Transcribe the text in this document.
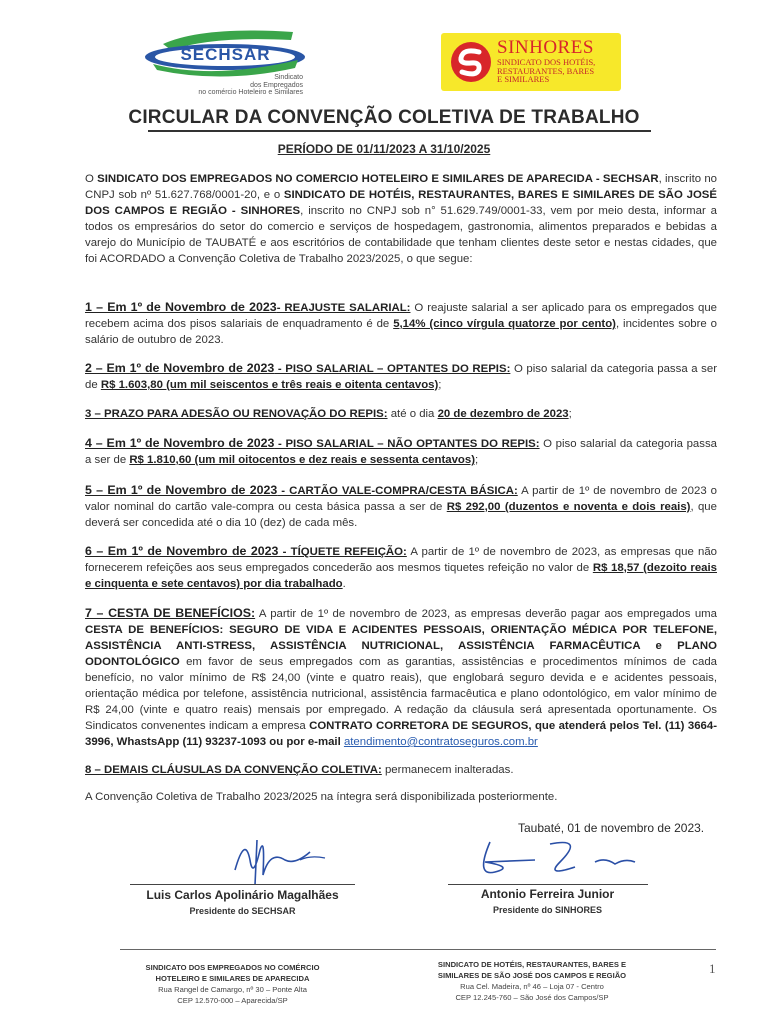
SECHSAR
Sindicato
dos Empregados
no comércio Hoteleiro e Similares
SINHORES
SINDICATO DOS HOTÉIS,
RESTAURANTES, BARES
E SIMILARES
CIRCULAR DA CONVENÇÃO COLETIVA DE TRABALHO
PERÍODO DE 01/11/2023 A 31/10/2025
O SINDICATO DOS EMPREGADOS NO COMERCIO HOTELEIRO E SIMILARES DE APARECIDA - SECHSAR, inscrito no CNPJ sob nº 51.627.768/0001-20, e o SINDICATO DE HOTÉIS, RESTAURANTES, BARES E SIMILARES DE SÃO JOSÉ DOS CAMPOS E REGIÃO - SINHORES, inscrito no CNPJ sob n° 51.629.749/0001-33, vem por meio desta, informar a todos os empresários do setor do comercio e serviços de hospedagem, gastronomia, alimentos preparados e bebidas a varejo do Município de TAUBATÉ e aos escritórios de contabilidade que tenham clientes deste setor e nestas cidades, que foi ACORDADO a Convenção Coletiva de Trabalho 2023/2025, o que segue:
1 – Em 1º de Novembro de 2023- REAJUSTE SALARIAL: O reajuste salarial a ser aplicado para os empregados que recebem acima dos pisos salariais de enquadramento é de 5,14% (cinco vírgula quatorze por cento), incidentes sobre o salário de outubro de 2023.
2 – Em 1º de Novembro de 2023 - PISO SALARIAL – OPTANTES DO REPIS: O piso salarial da categoria passa a ser de R$ 1.603,80 (um mil seiscentos e três reais e oitenta centavos);
3 – PRAZO PARA ADESÃO OU RENOVAÇÃO DO REPIS: até o dia 20 de dezembro de 2023;
4 – Em 1º de Novembro de 2023 - PISO SALARIAL – NÃO OPTANTES DO REPIS: O piso salarial da categoria passa a ser de R$ 1.810,60 (um mil oitocentos e dez reais e sessenta centavos);
5 – Em 1º de Novembro de 2023 - CARTÃO VALE-COMPRA/CESTA BÁSICA: A partir de 1º de novembro de 2023 o valor nominal do cartão vale-compra ou cesta básica passa a ser de R$ 292,00 (duzentos e noventa e dois reais), que deverá ser concedida até o dia 10 (dez) de cada mês.
6 – Em 1º de Novembro de 2023 - TÍQUETE REFEIÇÃO: A partir de 1º de novembro de 2023, as empresas que não fornecerem refeições aos seus empregados concederão aos mesmos tiquetes refeição no valor de R$ 18,57 (dezoito reais e cinquenta e sete centavos) por dia trabalhado.
7 – CESTA DE BENEFÍCIOS: A partir de 1º de novembro de 2023, as empresas deverão pagar aos empregados uma CESTA DE BENEFÍCIOS: SEGURO DE VIDA E ACIDENTES PESSOAIS, ORIENTAÇÃO MÉDICA POR TELEFONE, ASSISTÊNCIA ANTI-STRESS, ASSISTÊNCIA NUTRICIONAL, ASSISTÊNCIA FARMACÊUTICA e PLANO ODONTOLÓGICO em favor de seus empregados com as garantias, assistências e procedimentos mínimos de cada benefício, no valor mínimo de R$ 24,00 (vinte e quatro reais), que englobará seguro devida e e acidentes pessoais, orientação médica por telefone, assistência nutricional, assistência farmacêutica e plano odontológico, em valor mínimo de R$ 24,00 (vinte e quatro reais) mensais por empregado. A redação da cláusula será apresentada oportunamente. Os Sindicatos convenentes indicam a empresa CONTRATO CORRETORA DE SEGUROS, que atenderá pelos Tel. (11) 3664-3996, WhastsApp (11) 93237-1093 ou por e-mail atendimento@contratoseguros.com.br
8 – DEMAIS CLÁUSULAS DA CONVENÇÃO COLETIVA: permanecem inalteradas.
A Convenção Coletiva de Trabalho 2023/2025 na íntegra será disponibilizada posteriormente.
Taubaté, 01 de novembro de 2023.
Luis Carlos Apolinário Magalhães
Presidente do SECHSAR
Antonio Ferreira Junior
Presidente do SINHORES
SINDICATO DOS EMPREGADOS NO COMÉRCIO
HOTELEIRO E SIMILARES DE APARECIDA
Rua Rangel de Camargo, nº 30 – Ponte Alta
CEP 12.570-000 – Aparecida/SP
SINDICATO DE HOTÉIS, RESTAURANTES, BARES E
SIMILARES DE SÃO JOSÉ DOS CAMPOS E REGIÃO
Rua Cel. Madeira, nº 46 – Loja 07 - Centro
CEP 12.245-760 – São José dos Campos/SP
1
